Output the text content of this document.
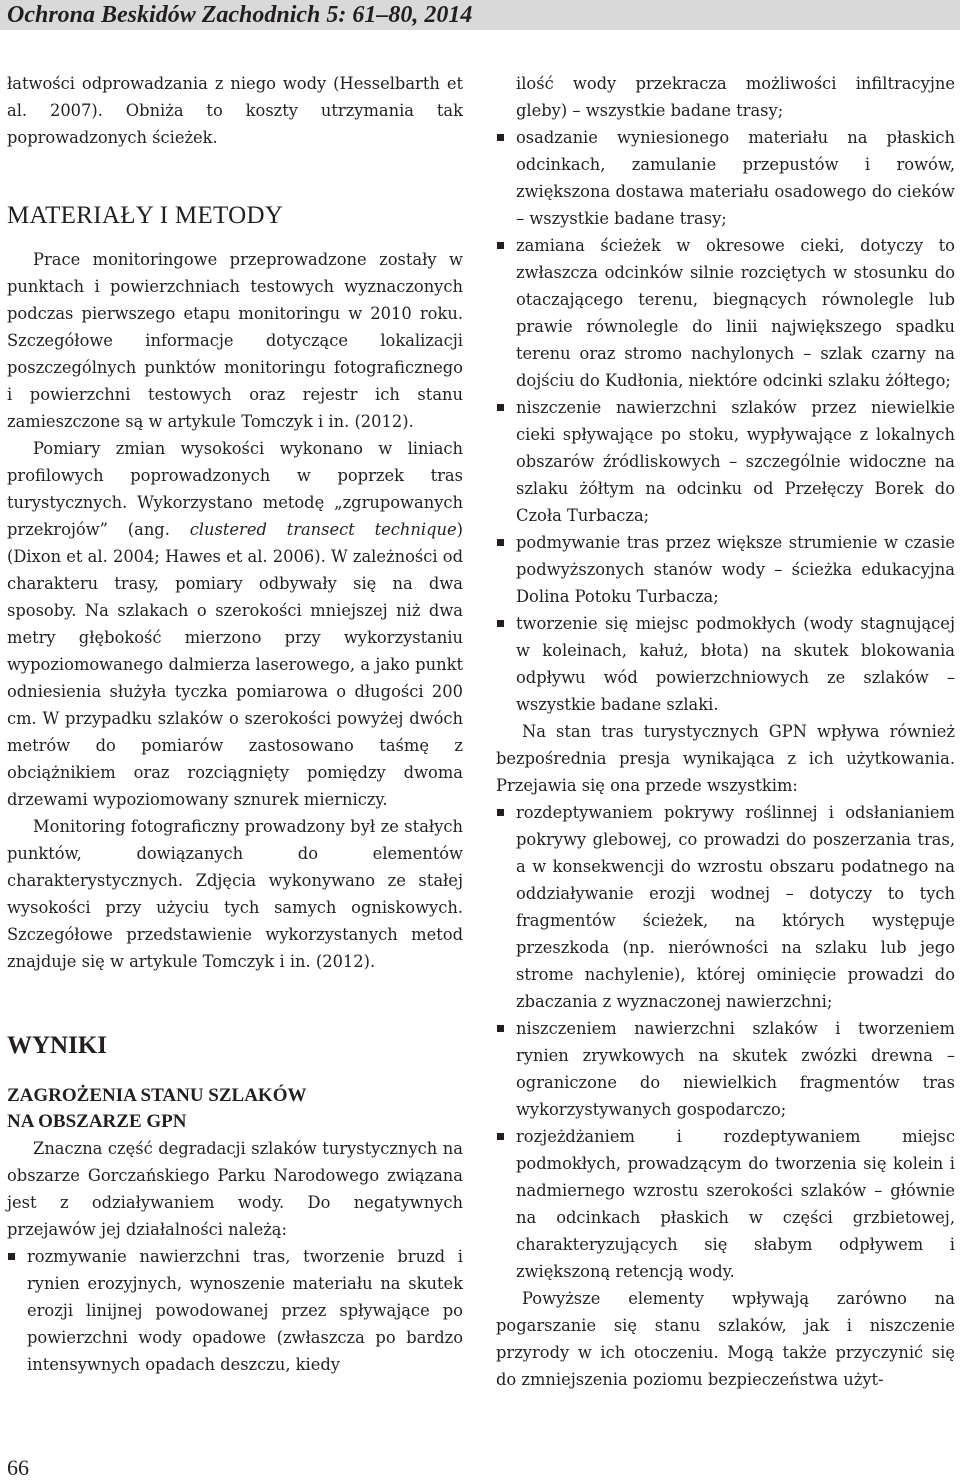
Ochrona Beskidów Zachodnich 5: 61–80, 2014

łatwości odprowadzania z niego wody (Hesselbarth et al. 2007). Obniża to koszty utrzymania tak poprowadzonych ścieżek.

MATERIAŁY I METODY

Prace monitoringowe przeprowadzone zostały w punktach i powierzchniach testowych wyznaczonych podczas pierwszego etapu monitoringu w 2010 roku. Szczegółowe informacje dotyczące lokalizacji poszczególnych punktów monitoringu fotograficznego i powierzchni testowych oraz rejestr ich stanu zamieszczone są w artykule Tomczyk i in. (2012).

Pomiary zmian wysokości wykonano w liniach profilowych poprowadzonych w poprzek tras turystycznych. Wykorzystano metodę „zgrupowanych przekrojów” (ang. clustered transect technique) (Dixon et al. 2004; Hawes et al. 2006). W zależności od charakteru trasy, pomiary odbywały się na dwa sposoby. Na szlakach o szerokości mniejszej niż dwa metry głębokość mierzono przy wykorzystaniu wypoziomowanego dalmierza laserowego, a jako punkt odniesienia służyła tyczka pomiarowa o długości 200 cm. W przypadku szlaków o szerokości powyżej dwóch metrów do pomiarów zastosowano taśmę z obciążnikiem oraz rozciągnięty pomiędzy dwoma drzewami wypoziomowany sznurek mierniczy.

Monitoring fotograficzny prowadzony był ze stałych punktów, dowiązanych do elementów charakterystycznych. Zdjęcia wykonywano ze stałej wysokości przy użyciu tych samych ogniskowych. Szczegółowe przedstawienie wykorzystanych metod znajduje się w artykule Tomczyk i in. (2012).

WYNIKI
ZAGROŻENIA STANU SZLAKÓW
NA OBSZARZE GPN

Znaczna część degradacji szlaków turystycznych na obszarze Gorczańskiego Parku Narodowego związana jest z odziaływaniem wody. Do negatywnych przejawów jej działalności należą:

rozmywanie nawierzchni tras, tworzenie bruzd i rynien erozyjnych, wynoszenie materiału na skutek erozji linijnej powodowanej przez spływające po powierzchni wody opadowe (zwłaszcza po bardzo intensywnych opadach deszczu, kiedy

ilość wody przekracza możliwości infiltracyjne gleby) – wszystkie badane trasy;

osadzanie wyniesionego materiału na płaskich odcinkach, zamulanie przepustów i rowów, zwiększona dostawa materiału osadowego do cieków – wszystkie badane trasy;
zamiana ścieżek w okresowe cieki, dotyczy to zwłaszcza odcinków silnie rozciętych w stosunku do otaczającego terenu, biegnących równolegle lub prawie równolegle do linii największego spadku terenu oraz stromo nachylonych – szlak czarny na dojściu do Kudłonia, niektóre odcinki szlaku żółtego;
niszczenie nawierzchni szlaków przez niewielkie cieki spływające po stoku, wypływające z lokalnych obszarów źródliskowych – szczególnie widoczne na szlaku żółtym na odcinku od Przełęczy Borek do Czoła Turbacza;
podmywanie tras przez większe strumienie w czasie podwyższonych stanów wody – ścieżka edukacyjna Dolina Potoku Turbacza;
tworzenie się miejsc podmokłych (wody stagnującej w koleinach, kałuż, błota) na skutek blokowania odpływu wód powierzchniowych ze szlaków – wszystkie badane szlaki.

Na stan tras turystycznych GPN wpływa również bezpośrednia presja wynikająca z ich użytkowania. Przejawia się ona przede wszystkim:

rozdeptywaniem pokrywy roślinnej i odsłanianiem pokrywy glebowej, co prowadzi do poszerzania tras, a w konsekwencji do wzrostu obszaru podatnego na oddziaływanie erozji wodnej – dotyczy to tych fragmentów ścieżek, na których występuje przeszkoda (np. nierówności na szlaku lub jego strome nachylenie), której ominięcie prowadzi do zbaczania z wyznaczonej nawierzchni;
niszczeniem nawierzchni szlaków i tworzeniem rynien zrywkowych na skutek zwózki drewna – ograniczone do niewielkich fragmentów tras wykorzystywanych gospodarczo;
rozjeżdżaniem i rozdeptywaniem miejsc podmokłych, prowadzącym do tworzenia się kolein i nadmiernego wzrostu szerokości szlaków – głównie na odcinkach płaskich w części grzbietowej, charakteryzujących się słabym odpływem i zwiększoną retencją wody.

Powyższe elementy wpływają zarówno na pogarszanie się stanu szlaków, jak i niszczenie przyrody w ich otoczeniu. Mogą także przyczynić się do zmniejszenia poziomu bezpieczeństwa użyt-

66
